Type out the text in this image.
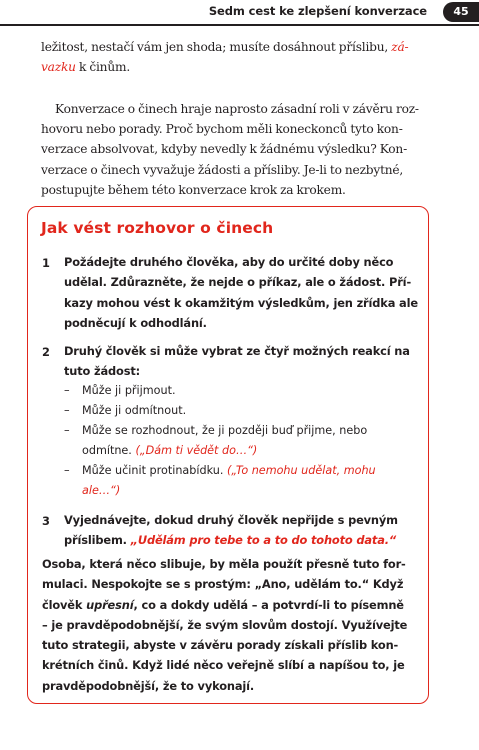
Sedm cest ke zlepšení konverzace	45
ležitost, nestačí vám jen shoda; musíte dosáhnout příslibu, zá-
vazku k činům.
Konverzace o činech hraje naprosto zásadní roli v závěru roz-
hovoru nebo porady. Proč bychom měli koneckonců tyto kon-
verzace absolvovat, kdyby nevedly k žádnému výsledku? Kon-
verzace o činech vyvažuje žádosti a přísliby. Je-li to nezbytné,
postupujte během této konverzace krok za krokem.
Jak vést rozhovor o činech
1 Požádejte druhého člověka, aby do určité doby něco
udělal. Zdůrazněte, že nejde o příkaz, ale o žádost. Pří-
kazy mohou vést k okamžitým výsledkům, jen zřídka ale
podněcují k odhodlání.
2 Druhý člověk si může vybrat ze čtyř možných reakcí na
tuto žádost:
– Může ji přijmout.
– Může ji odmítnout.
– Může se rozhodnout, že ji později buď přijme, nebo
odmítne. („Dám ti vědět do…“)
– Může učinit protinabídku. („To nemohu udělat, mohu
ale…“)
3 Vyjednávejte, dokud druhý člověk nepřijde s pevným
příslibem. „Udělám pro tebe to a to do tohoto data.“
Osoba, která něco slibuje, by měla použít přesně tuto for-
mulaci. Nespokojte se s prostým: „Ano, udělám to.“ Když
člověk upřesní, co a dokdy udělá – a potvrdí-li to písemně
– je pravděpodobnější, že svým slovům dostojí. Využívejte
tuto strategii, abyste v závěru porady získali příslib kon-
krétních činů. Když lidé něco veřejně slíbí a napíšou to, je
pravděpodobnější, že to vykonají.
